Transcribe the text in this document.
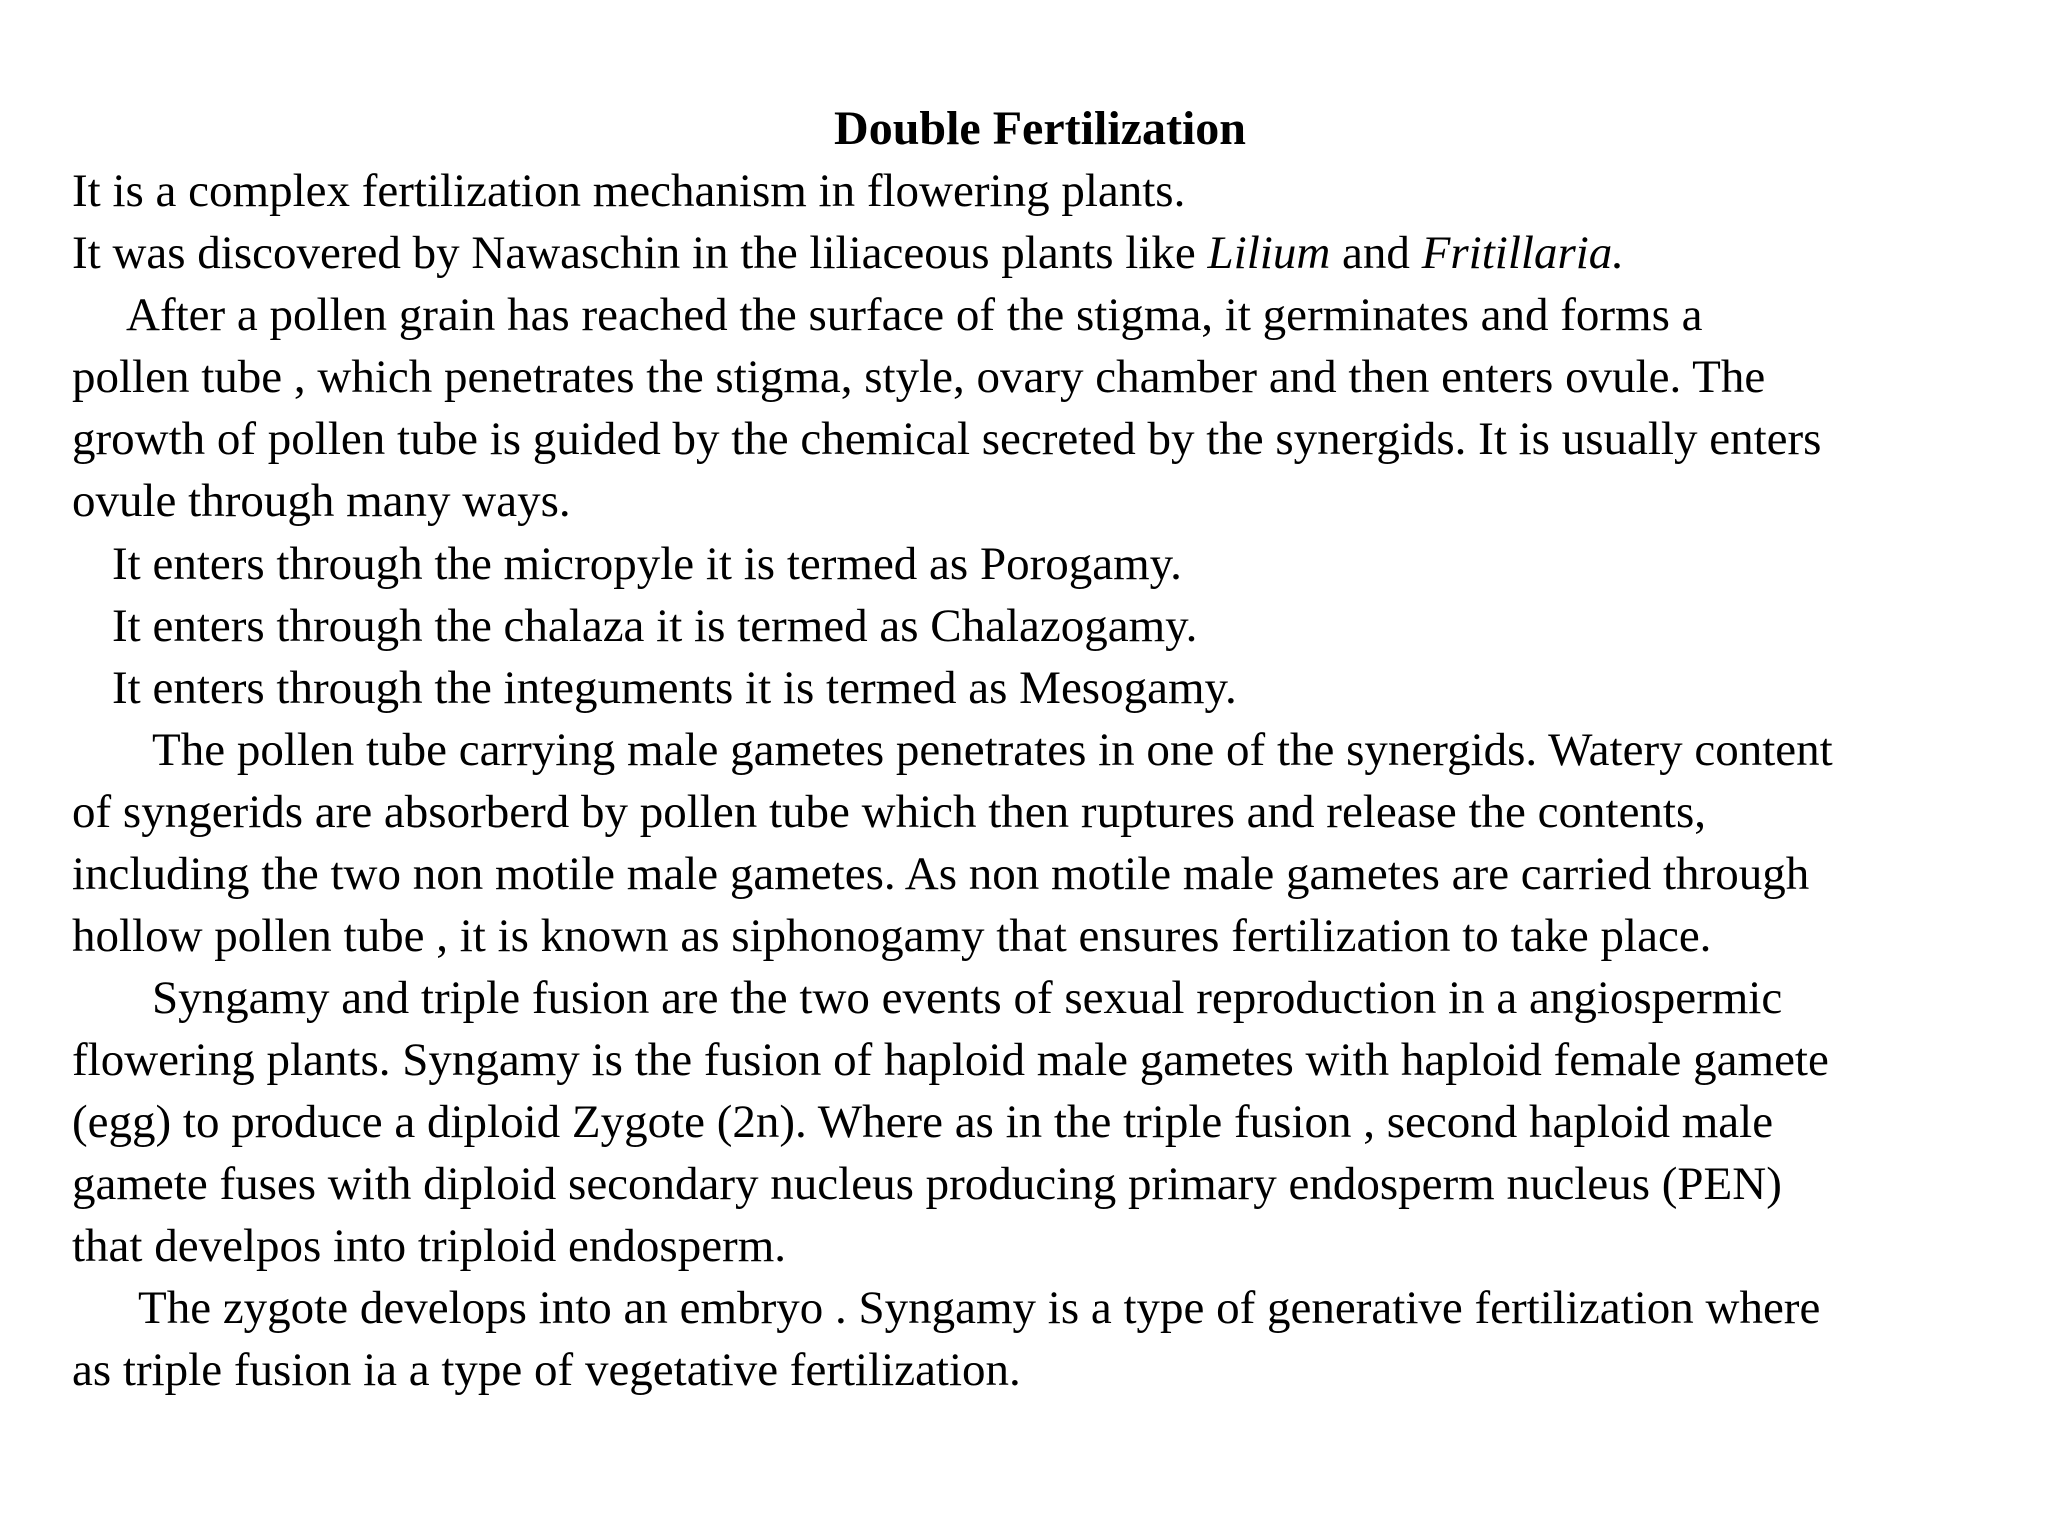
Double Fertilization
It is a complex fertilization mechanism in flowering plants.
It was discovered by Nawaschin in the liliaceous plants like Lilium and Fritillaria.
After a pollen grain has reached the surface of the stigma, it germinates and forms a
pollen tube , which penetrates the stigma, style, ovary chamber and then enters ovule. The
growth of pollen tube is guided by the chemical secreted by the synergids. It is usually enters
ovule through many ways.
It enters through the micropyle it is termed as Porogamy.
It enters through the chalaza it is termed as Chalazogamy.
It enters through the integuments it is termed as Mesogamy.
The pollen tube carrying male gametes penetrates in one of the synergids. Watery content
of syngerids are absorberd by pollen tube which then ruptures and release the contents,
including the two non motile male gametes. As non motile male gametes are carried through
hollow pollen tube , it is known as siphonogamy that ensures fertilization to take place.
Syngamy and triple fusion are the two events of sexual reproduction in a angiospermic
flowering plants. Syngamy is the fusion of haploid male gametes with haploid female gamete
(egg) to produce a diploid Zygote (2n). Where as in the triple fusion , second haploid male
gamete fuses with diploid secondary nucleus producing primary endosperm nucleus (PEN)
that develpos into triploid endosperm.
The zygote develops into an embryo . Syngamy is a type of generative fertilization where
as triple fusion ia a type of vegetative fertilization.
